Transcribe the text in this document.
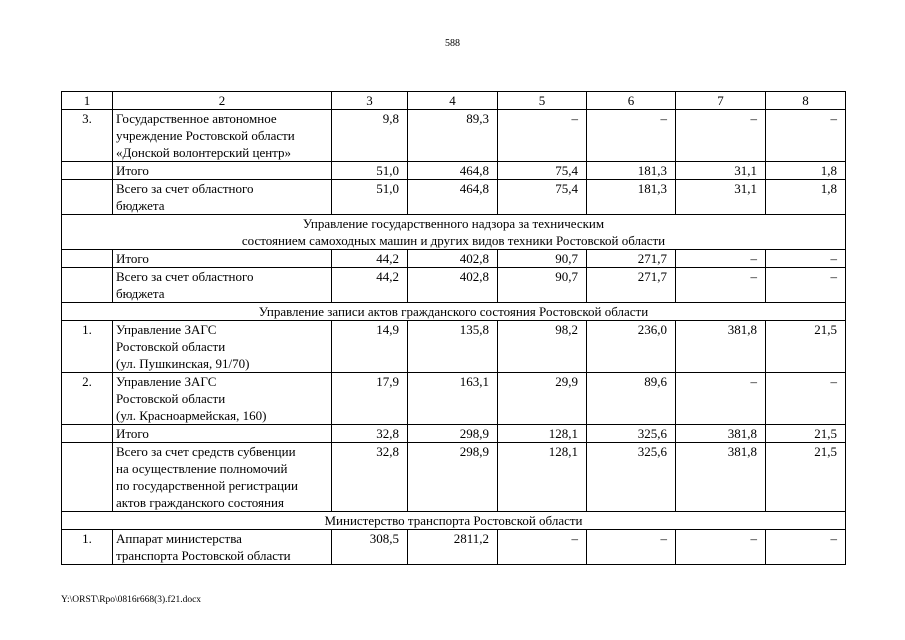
588
1	2	3	4	5	6	7	8
3.	Государственное автономное
учреждение Ростовской области
«Донской волонтерский центр»	9,8	89,3	–	–	–	–

	Итого	51,0	464,8	75,4	181,3	31,1	1,8

	Всего за счет областного
бюджета	51,0	464,8	75,4	181,3	31,1	1,8

Управление государственного надзора за техническим
состоянием самоходных машин и других видов техники Ростовской области							

	Итого	44,2	402,8	90,7	271,7	–	–

	Всего за счет областного
бюджета	44,2	402,8	90,7	271,7	–	–

Управление записи актов гражданского состояния Ростовской области							

1.	Управление ЗАГС
Ростовской области
(ул. Пушкинская, 91/70)	14,9	135,8	98,2	236,0	381,8	21,5
2.	Управление ЗАГС
Ростовской области
(ул. Красноармейская, 160)	17,9	163,1	29,9	89,6	–	–

	Итого	32,8	298,9	128,1	325,6	381,8	21,5

	Всего за счет средств субвенции
на осуществление полномочий
по государственной регистрации
актов гражданского состояния	32,8	298,9	128,1	325,6	381,8	21,5

Министерство транспорта Ростовской области							

1.	Аппарат министерства
транспорта Ростовской области	308,5	2811,2	–	–	–	–
Y:\ORST\Rpo\0816r668(3).f21.docx
